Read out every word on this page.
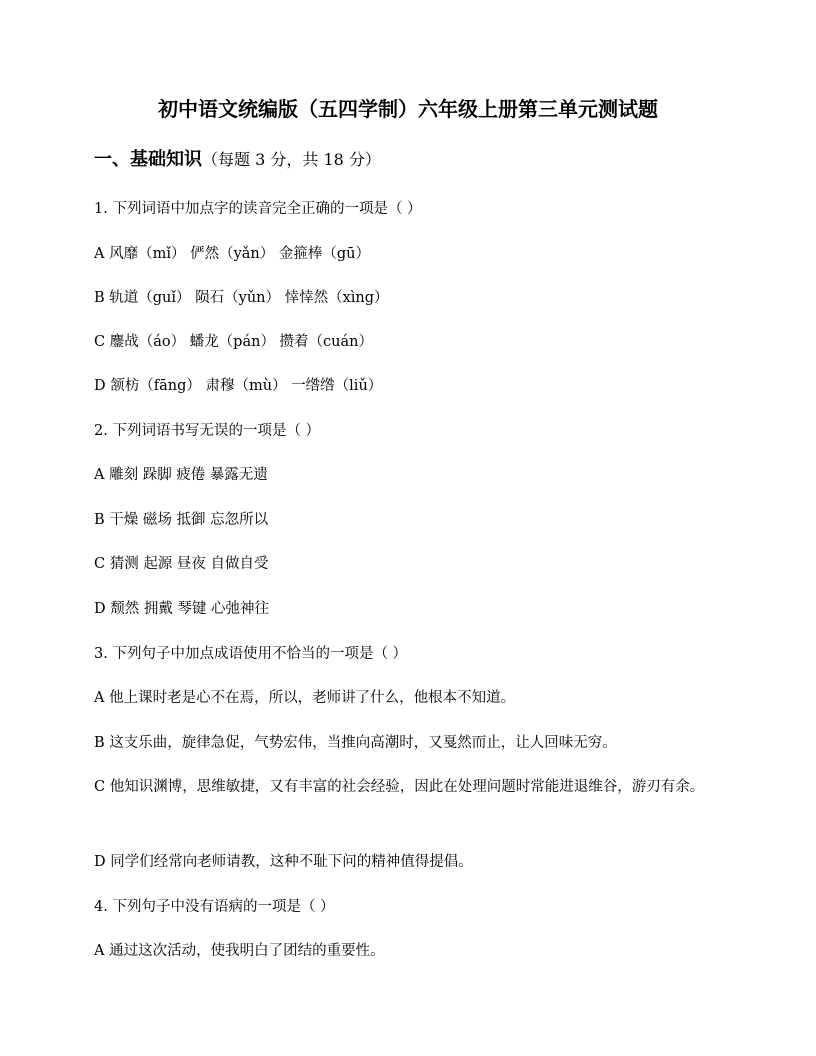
初中语文统编版（五四学制）六年级上册第三单元测试题
一、基础知识（每题 3 分，共 18 分）
1. 下列词语中加点字的读音完全正确的一项是（ ）
A 风靡（mǐ） 俨然（yǎn） 金箍棒（gū）
B 轨道（guǐ） 陨石（yǔn） 悻悻然（xìng）
C 鏖战（áo） 蟠龙（pán） 攒着（cuán）
D 颔枋（fāng） 肃穆（mù） 一绺绺（liǔ）
2. 下列词语书写无误的一项是（ ）
A 雕刻 跺脚 疲倦 暴露无遗
B 干燥 磁场 抵御 忘忽所以
C 猜测 起源 昼夜 自做自受
D 颓然 拥戴 琴键 心弛神往
3. 下列句子中加点成语使用不恰当的一项是（ ）
A 他上课时老是心不在焉，所以，老师讲了什么，他根本不知道。
B 这支乐曲，旋律急促，气势宏伟，当推向高潮时，又戛然而止，让人回味无穷。
C 他知识渊博，思维敏捷，又有丰富的社会经验，因此在处理问题时常能进退维谷，游刃有余。
D 同学们经常向老师请教，这种不耻下问的精神值得提倡。
4. 下列句子中没有语病的一项是（ ）
A 通过这次活动，使我明白了团结的重要性。
